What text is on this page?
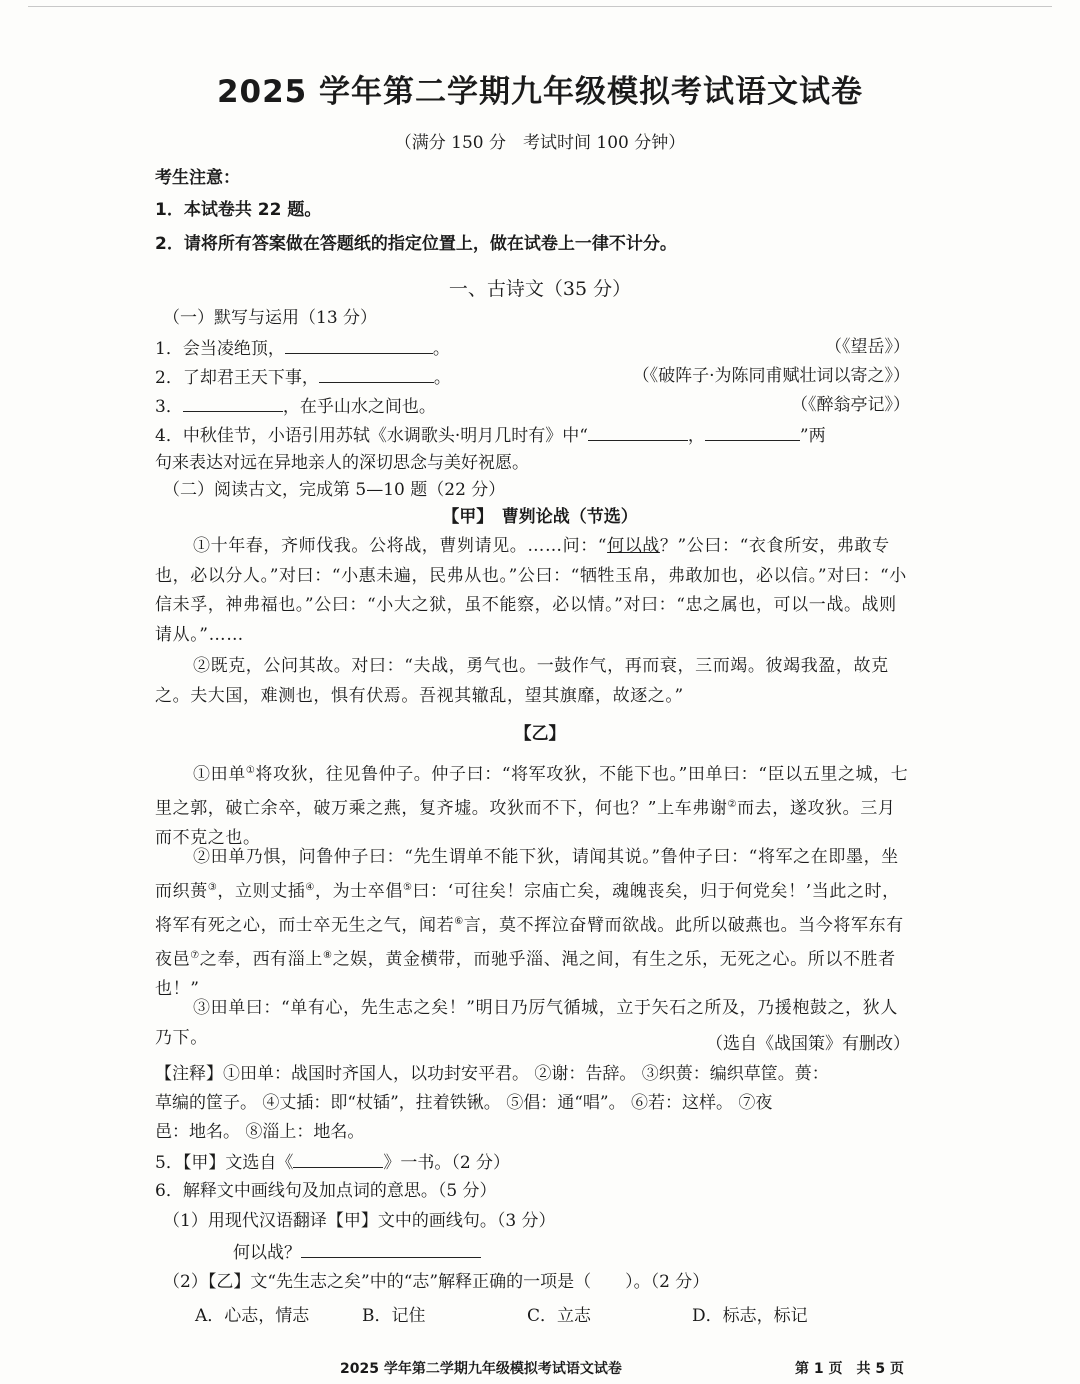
2025 学年第二学期九年级模拟考试语文试卷
（满分 150 分　考试时间 100 分钟）
考生注意：
1．本试卷共 22 题。
2．请将所有答案做在答题纸的指定位置上，做在试卷上一律不计分。
一、古诗文（35 分）
（一）默写与运用（13 分）
1．会当凌绝顶，	。	（《望岳》）
2．了却君王天下事，	。	（《破阵子·为陈同甫赋壮词以寄之》）
3．	，在乎山水之间也。	（《醉翁亭记》）
4．中秋佳节，小语引用苏轼《水调歌头·明月几时有》中“	，	”两
句来表达对远在异地亲人的深切思念与美好祝愿。
（二）阅读古文，完成第 5—10 题（22 分）
【甲】　曹刿论战（节选）
①十年春，齐师伐我。公将战，曹刿请见。……问：“何以战？”公曰：“衣食所安，弗敢专也，必以分人。”对曰：“小惠未遍，民弗从也。”公曰：“牺牲玉帛，弗敢加也，必以信。”对曰：“小信未孚，神弗福也。”公曰：“小大之狱，虽不能察，必以情。”对曰：“忠之属也，可以一战。战则请从。”……
②既克，公问其故。对曰：“夫战，勇气也。一鼓作气，再而衰，三而竭。彼竭我盈，故克之。夫大国，难测也，惧有伏焉。吾视其辙乱，望其旗靡，故逐之。”
【乙】
①田单①将攻狄，往见鲁仲子。仲子曰：“将军攻狄，不能下也。”田单曰：“臣以五里之城，七里之郭，破亡余卒，破万乘之燕，复齐墟。攻狄而不下，何也？”上车弗谢②而去，遂攻狄。三月而不克之也。
②田单乃惧，问鲁仲子曰：“先生谓单不能下狄，请闻其说。”鲁仲子曰：“将军之在即墨，坐而织蒉③，立则丈插④，为士卒倡⑤曰：‘可往矣！宗庙亡矣，魂魄丧矣，归于何党矣！’当此之时，将军有死之心，而士卒无生之气，闻若⑥言，莫不挥泣奋臂而欲战。此所以破燕也。当今将军东有夜邑⑦之奉，西有淄上⑧之娱，黄金横带，而驰乎淄、渑之间，有生之乐，无死之心。所以不胜者也！”
③田单曰：“单有心，先生志之矣！”明日乃厉气循城，立于矢石之所及，乃援枹鼓之，狄人乃下。	（选自《战国策》有删改）
【注释】①田单：战国时齐国人，以功封安平君。 ②谢：告辞。 ③织蒉：编织草筐。蒉：
草编的筐子。 ④丈插：即“杖锸”，拄着铁锹。 ⑤倡：通“唱”。 ⑥若：这样。 ⑦夜
邑：地名。 ⑧淄上：地名。
5．【甲】文选自《	》一书。（2 分）
6．解释文中画线句及加点词的意思。（5 分）
（1）用现代汉语翻译【甲】文中的画线句。（3 分）
何以战？
（2）【乙】文“先生志之矣”中的“志”解释正确的一项是（　　）。（2 分）
A．心志，情志	B．记住	C．立志	D．标志，标记
2025 学年第二学期九年级模拟考试语文试卷	第 1 页　共 5 页
